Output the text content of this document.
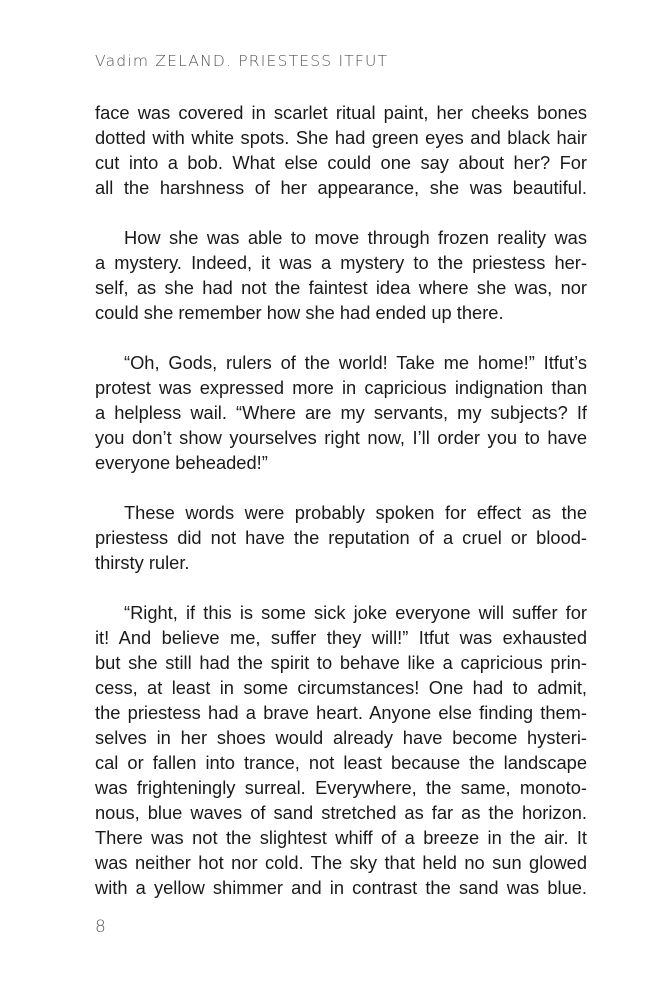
Vadim ZELAND. PRIESTESS ITFUT

face was covered in scarlet ritual paint, her cheeks bones
dotted with white spots. She had green eyes and black hair
cut into a bob. What else could one say about her? For
all the harshness of her appearance, she was beautiful.

How she was able to move through frozen reality was
a mystery. Indeed, it was a mystery to the priestess her-
self, as she had not the faintest idea where she was, nor
could she remember how she had ended up there.

“Oh, Gods, rulers of the world! Take me home!” Itfut’s
protest was expressed more in capricious indignation than
a helpless wail. “Where are my servants, my subjects? If
you don’t show yourselves right now, I’ll order you to have
everyone beheaded!”

These words were probably spoken for effect as the
priestess did not have the reputation of a cruel or blood-
thirsty ruler.

“Right, if this is some sick joke everyone will suffer for
it! And believe me, suffer they will!” Itfut was exhausted
but she still had the spirit to behave like a capricious prin-
cess, at least in some circumstances! One had to admit,
the priestess had a brave heart. Anyone else finding them-
selves in her shoes would already have become hysteri-
cal or fallen into trance, not least because the landscape
was frighteningly surreal. Everywhere, the same, monoto-
nous, blue waves of sand stretched as far as the horizon.
There was not the slightest whiff of a breeze in the air. It
was neither hot nor cold. The sky that held no sun glowed
with a yellow shimmer and in contrast the sand was blue.

8
